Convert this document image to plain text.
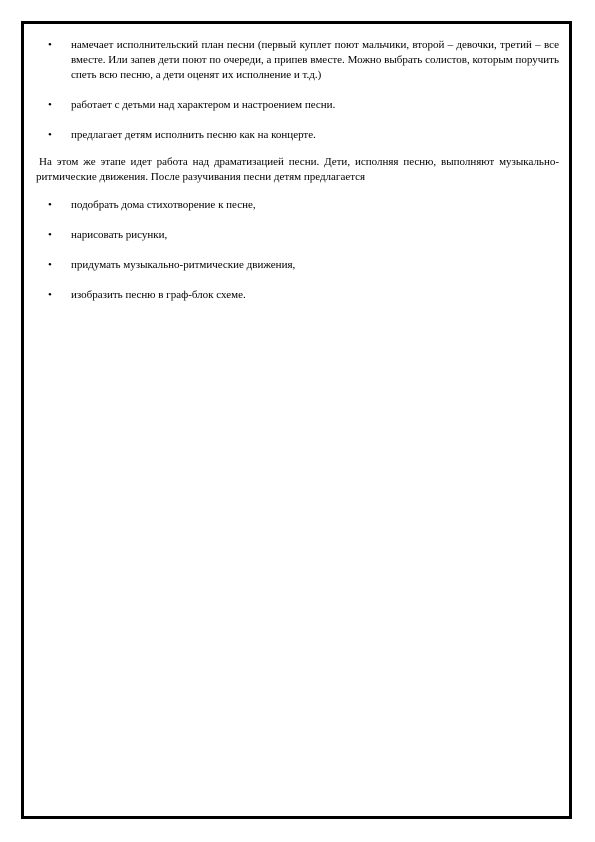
• намечает исполнительский план песни (первый куплет поют мальчики, второй – девочки, третий – все вместе. Или запев дети поют по очереди, а припев вместе. Можно выбрать солистов, которым поручить спеть всю песню, а дети оценят их исполнение и т.д.)
• работает с детьми над характером и настроением песни.
• предлагает детям исполнить песню как на концерте.

На этом же этапе идет работа над драматизацией песни. Дети, исполняя песню, выполняют музыкально-ритмические движения. После разучивания песни детям предлагается

• подобрать дома стихотворение к песне,
• нарисовать рисунки,
• придумать музыкально-ритмические движения,
• изобразить песню в граф-блок схеме.
